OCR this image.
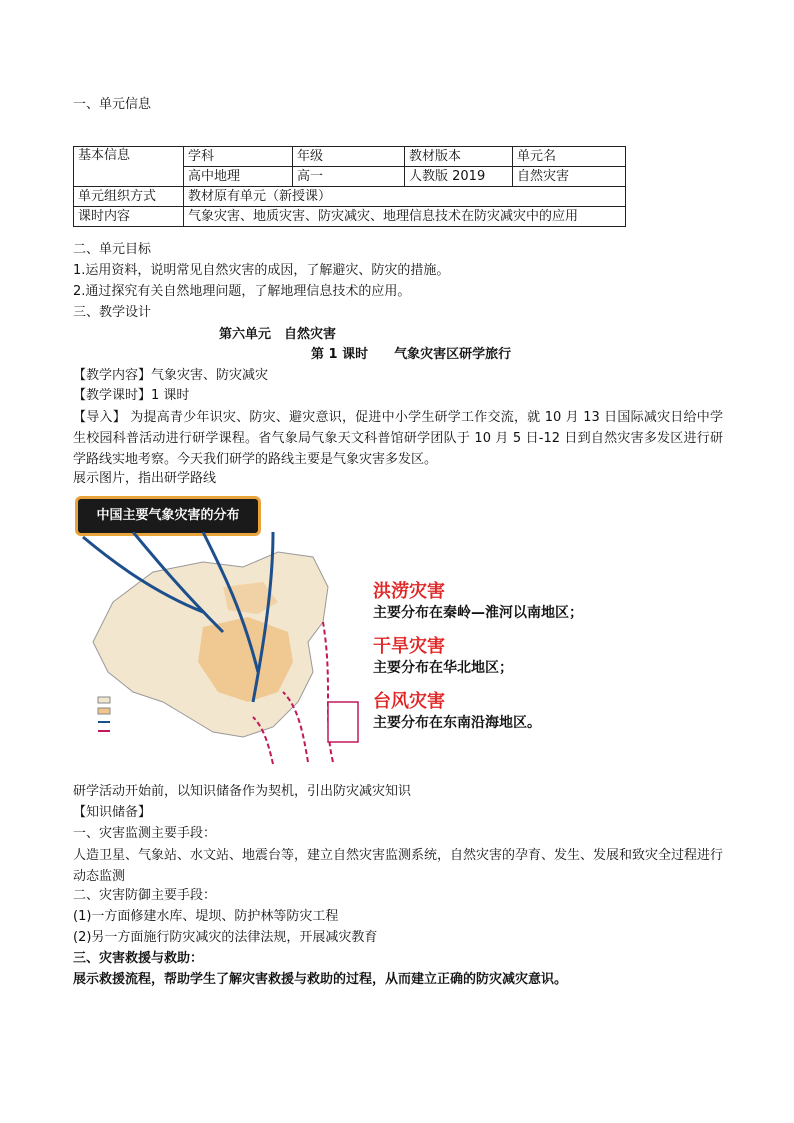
一、单元信息
基本信息	学科	年级	教材版本	单元名
	高中地理	高一	人教版 2019	自然灾害
单元组织方式	教材原有单元（新授课）			
课时内容	气象灾害、地质灾害、防灾减灾、地理信息技术在防灾减灾中的应用			
二、单元目标
1.运用资料，说明常见自然灾害的成因，了解避灾、防灾的措施。
2.通过探究有关自然地理问题，了解地理信息技术的应用。
三、教学设计
第六单元　自然灾害
第 1 课时　　气象灾害区研学旅行
【教学内容】气象灾害、防灾减灾
【教学课时】1 课时
【导入】 为提高青少年识灾、防灾、避灾意识，促进中小学生研学工作交流，就 10 月 13 日国际减灾日给中学生校园科普活动进行研学课程。省气象局气象天文科普馆研学团队于 10 月 5 日-12 日到自然灾害多发区进行研学路线实地考察。今天我们研学的路线主要是气象灾害多发区。
展示图片，指出研学路线
中国主要气象灾害的分布
洪涝灾害
主要分布在秦岭—淮河以南地区；
干旱灾害
主要分布在华北地区；
台风灾害
主要分布在东南沿海地区。
研学活动开始前，以知识储备作为契机，引出防灾减灾知识
【知识储备】
一、灾害监测主要手段：
人造卫星、气象站、水文站、地震台等，建立自然灾害监测系统，自然灾害的孕育、发生、发展和致灾全过程进行动态监测
二、灾害防御主要手段：
(1)一方面修建水库、堤坝、防护林等防灾工程
(2)另一方面施行防灾减灾的法律法规，开展减灾教育
三、灾害救援与救助：
展示救援流程，帮助学生了解灾害救援与救助的过程，从而建立正确的防灾减灾意识。
